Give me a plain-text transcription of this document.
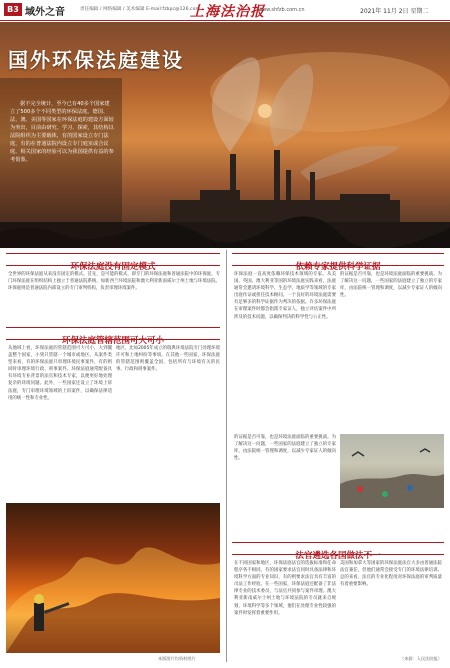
B3 域外之音	责任编辑 / 网络编辑 / 美术编辑 E-mail:fzbpc@126.com
上海法治报
www.shfzb.com.cn	2021年 11月 2日 星期二
国外环保法庭建设
据不完全统计，至今已有40多个国家建立了500多个不同类型的环保法庭。德国、法、澳、美国等国家在环保法庭的建设方面较为突出，目前由研究、学习、探索，其结构以法院组织为主要载体，有的国家设立专门法庭，有的在普通法院内设立专门庭室或合议庭。相关国家的经验可以为我国提供有益的参考借鉴。
环保法庭没有固定模式
全世界的环保法庭从来没有固定的模式。首先，是可能的模式，即专门的环保法庭和普通法院中的环保庭。专门环保法庭在组织结构上独立于普通法院系统，如新西兰环境法院和澳大利亚新南威尔士州土地与环境法院。环保庭则是普通法院内部设立的专门审判机构，负责审理环境案件。
环保法庭管辖范围可大可小
从地域上看，环保法庭的管辖范围可大可小，大到覆盖整个国家，小到只管辖一个城市或地区。从案件类型来看，有的环保法庭只审理环境民事案件，有的则同时审理环境行政、刑事案件。环保法庭通常配备具有环境专业背景的法官和技术专家，以便更好地处理复杂的环境问题。此外，一些国家还设立了环境上诉法庭，专门审理环境领域的上诉案件，以确保法律适用的统一性和专业性。
地区，比如2005年成立的瑞典环境法院专门处理环境许可和土地纠纷等事项。在其他一些国家，环保法庭的管辖范围则覆盖全国，包括所有与环境有关的民事、行政和刑事案件。
本版图片均资料图片
依赖专家提供科学证据
环保法庭一直高度依赖环保技术领域的专家。从美国、英国、澳大利亚等国的环境法庭实践来看，法庭通常会邀请环境科学、生态学、地质学等领域的专家出庭作证或担任技术顾问。一个良好的环境法庭需要有足够多的科学证据作为判决的依据。许多环保法庭在审理案件时都会指派专家证人，独立评估案件中所涉及的技术问题，以确保判决的科学性与公正性。
的证据是否可靠，也是环境法庭面临的重要挑战。为了解决这一问题，一些国家的法庭建立了独立的专家库，由法院统一管理和调度，以减少专家证人的倾向性。
的证据是否可靠，也是环境法庭面临的重要挑战。为了解决这一问题，一些国家的法庭建立了独立的专家库，由法院统一管理和调度，以减少专家证人的倾向性。
法官遴选各国做法不一
在不同国家和地区，环保法庭法官的选拔标准和任命程序各不相同。有的国家要求法官同时具备法律和环境科学方面的专业知识，有的则要求法官具有丰富的司法工作经验。在一些国家，环保法庭还配备了非法律专业的技术委员，与法官共同参与案件审理。澳大利亚新南威尔士州土地与环境法院的专员就来自规划、环境科学等多个领域，他们在处理专业性较强的案件时发挥着重要作用。
美国和加拿大等国家的环保法庭法官大多由普通法院法官兼任，但他们通常会接受专门的环境法律培训。总的来看，法官的专业化程度对环保法庭的审判质量有着重要影响。
（来源：人民法院报）
